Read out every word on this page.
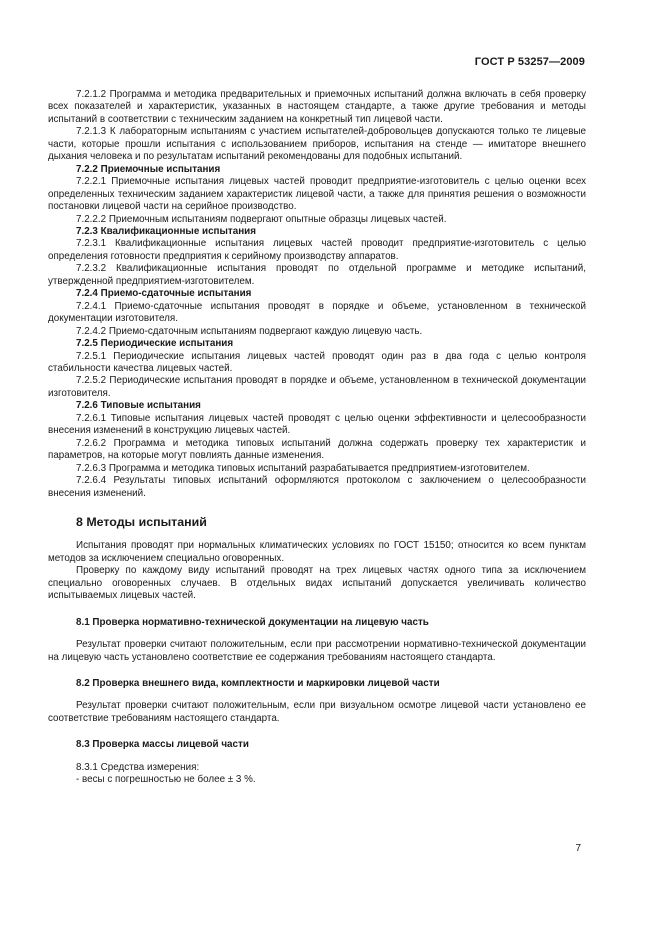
ГОСТ Р 53257—2009

7.2.1.2 Программа и методика предварительных и приемочных испытаний должна включать в себя проверку всех показателей и характеристик, указанных в настоящем стандарте, а также другие требования и методы испытаний в соответствии с техническим заданием на конкретный тип лицевой части.

7.2.1.3 К лабораторным испытаниям с участием испытателей-добровольцев допускаются только те лицевые части, которые прошли испытания с использованием приборов, испытания на стенде — имитаторе внешнего дыхания человека и по результатам испытаний рекомендованы для подобных испытаний.

7.2.2 Приемочные испытания

7.2.2.1 Приемочные испытания лицевых частей проводит предприятие-изготовитель с целью оценки всех определенных техническим заданием характеристик лицевой части, а также для принятия решения о возможности постановки лицевой части на серийное производство.

7.2.2.2 Приемочным испытаниям подвергают опытные образцы лицевых частей.

7.2.3 Квалификационные испытания

7.2.3.1 Квалификационные испытания лицевых частей проводит предприятие-изготовитель с целью определения готовности предприятия к серийному производству аппаратов.

7.2.3.2 Квалификационные испытания проводят по отдельной программе и методике испытаний, утвержденной предприятием-изготовителем.

7.2.4 Приемо-сдаточные испытания

7.2.4.1 Приемо-сдаточные испытания проводят в порядке и объеме, установленном в технической документации изготовителя.

7.2.4.2 Приемо-сдаточным испытаниям подвергают каждую лицевую часть.

7.2.5 Периодические испытания

7.2.5.1 Периодические испытания лицевых частей проводят один раз в два года с целью контроля стабильности качества лицевых частей.

7.2.5.2 Периодические испытания проводят в порядке и объеме, установленном в технической документации изготовителя.

7.2.6 Типовые испытания

7.2.6.1 Типовые испытания лицевых частей проводят с целью оценки эффективности и целесообразности внесения изменений в конструкцию лицевых частей.

7.2.6.2 Программа и методика типовых испытаний должна содержать проверку тех характеристик и параметров, на которые могут повлиять данные изменения.

7.2.6.3 Программа и методика типовых испытаний разрабатывается предприятием-изготовителем.

7.2.6.4 Результаты типовых испытаний оформляются протоколом с заключением о целесообразности внесения изменений.

8 Методы испытаний

Испытания проводят при нормальных климатических условиях по ГОСТ 15150; относится ко всем пунктам методов за исключением специально оговоренных.

Проверку по каждому виду испытаний проводят на трех лицевых частях одного типа за исключением специально оговоренных случаев. В отдельных видах испытаний допускается увеличивать количество испытываемых лицевых частей.

8.1 Проверка нормативно-технической документации на лицевую часть

Результат проверки считают положительным, если при рассмотрении нормативно-технической документации на лицевую часть установлено соответствие ее содержания требованиям настоящего стандарта.

8.2 Проверка внешнего вида, комплектности и маркировки лицевой части

Результат проверки считают положительным, если при визуальном осмотре лицевой части установлено ее соответствие требованиям настоящего стандарта.

8.3 Проверка массы лицевой части

8.3.1 Средства измерения:

- весы с погрешностью не более ± 3 %.

7
